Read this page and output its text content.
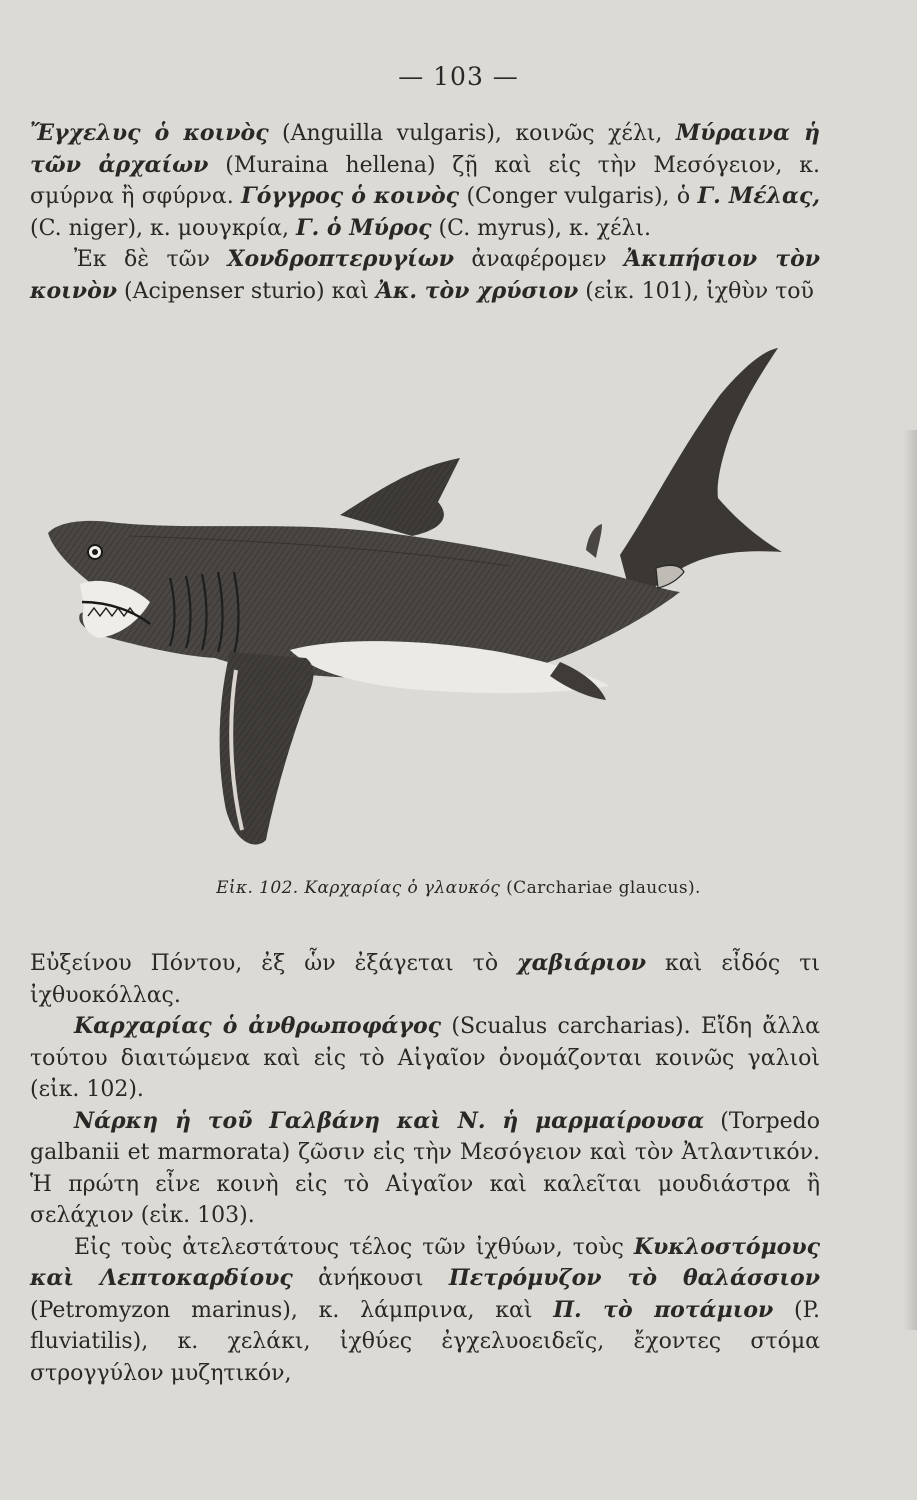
— 103 —

Ἔγχελυς ὁ κοινὸς (Anguilla vulgaris), κοινῶς χέλι, Μύραινα ἡ τῶν ἀρχαίων (Muraina hellena) ζῇ καὶ εἰς τὴν Μεσόγειον, κ. σμύρνα ἢ σφύρνα. Γόγγρος ὁ κοινὸς (Conger vulgaris), ὁ Γ. Μέλας, (C. niger), κ. μουγκρία, Γ. ὁ Μύρος (C. myrus), κ. χέλι.

Ἐκ δὲ τῶν Χονδροπτερυγίων ἀναφέρομεν Ἀκιπήσιον τὸν κοινὸν (Acipenser sturio) καὶ Ἀκ. τὸν χρύσιον (εἰκ. 101), ἰχθὺν τοῦ

Εἰκ. 102. Καρχαρίας ὁ γλαυκός (Carchariae glaucus).

Εὐξείνου Πόντου, ἐξ ὧν ἐξάγεται τὸ χαβιάριον καὶ εἶδός τι ἰχθυοκόλλας.

Καρχαρίας ὁ ἀνθρωποφάγος (Scualus carcharias). Εἴδη ἄλλα τούτου διαιτώμενα καὶ εἰς τὸ Αἰγαῖον ὀνομάζονται κοινῶς γαλιοὶ (εἰκ. 102).

Νάρκη ἡ τοῦ Γαλβάνη καὶ Ν. ἡ μαρμαίρουσα (Torpedo galbanii et marmorata) ζῶσιν εἰς τὴν Μεσόγειον καὶ τὸν Ἀτλαντικόν. Ἡ πρώτη εἶνε κοινὴ εἰς τὸ Αἰγαῖον καὶ καλεῖται μουδιάστρα ἢ σελάχιον (εἰκ. 103).

Εἰς τοὺς ἀτελεστάτους τέλος τῶν ἰχθύων, τοὺς Κυκλοστόμους καὶ Λεπτοκαρδίους ἀνήκουσι Πετρόμυζον τὸ θαλάσσιον (Petromyzon marinus), κ. λάμπρινα, καὶ Π. τὸ ποτάμιον (P. fluviatilis), κ. χελάκι, ἰχθύες ἐγχελυοειδεῖς, ἔχοντες στόμα στρογγύλον μυζητικόν,
